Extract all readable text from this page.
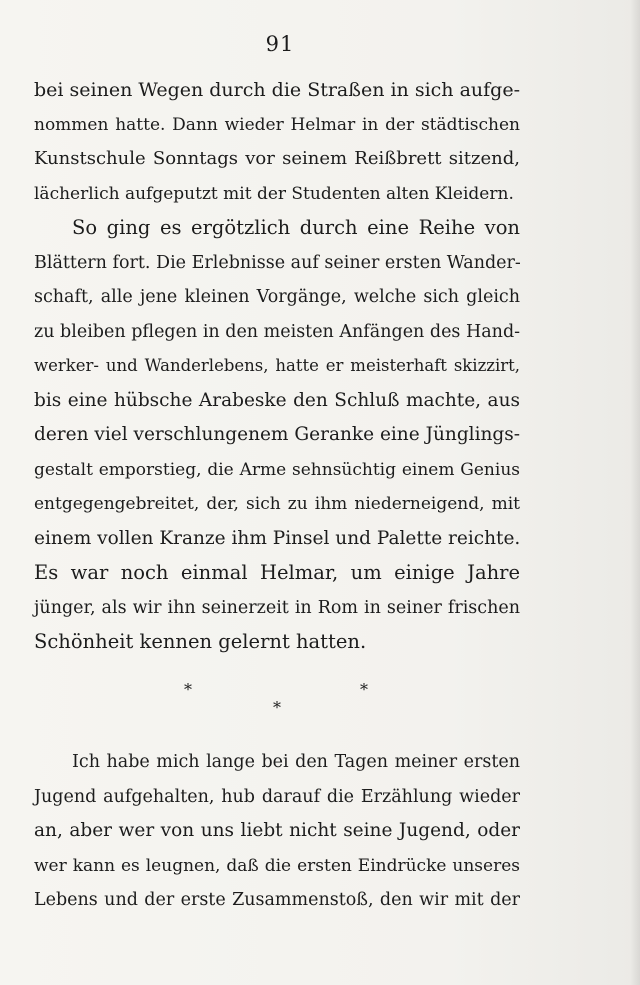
91
bei seinen Wegen durch die Straßen in sich aufge-
nommen hatte. Dann wieder Helmar in der städtischen
Kunstschule Sonntags vor seinem Reißbrett sitzend,
lächerlich aufgeputzt mit der Studenten alten Kleidern.
So ging es ergötzlich durch eine Reihe von
Blättern fort. Die Erlebnisse auf seiner ersten Wander-
schaft, alle jene kleinen Vorgänge, welche sich gleich
zu bleiben pflegen in den meisten Anfängen des Hand-
werker- und Wanderlebens, hatte er meisterhaft skizzirt,
bis eine hübsche Arabeske den Schluß machte, aus
deren viel verschlungenem Geranke eine Jünglings-
gestalt emporstieg, die Arme sehnsüchtig einem Genius
entgegengebreitet, der, sich zu ihm niederneigend, mit
einem vollen Kranze ihm Pinsel und Palette reichte.
Es war noch einmal Helmar, um einige Jahre
jünger, als wir ihn seinerzeit in Rom in seiner frischen
Schönheit kennen gelernt hatten.
*	*
*
Ich habe mich lange bei den Tagen meiner ersten
Jugend aufgehalten, hub darauf die Erzählung wieder
an, aber wer von uns liebt nicht seine Jugend, oder
wer kann es leugnen, daß die ersten Eindrücke unseres
Lebens und der erste Zusammenstoß, den wir mit der
